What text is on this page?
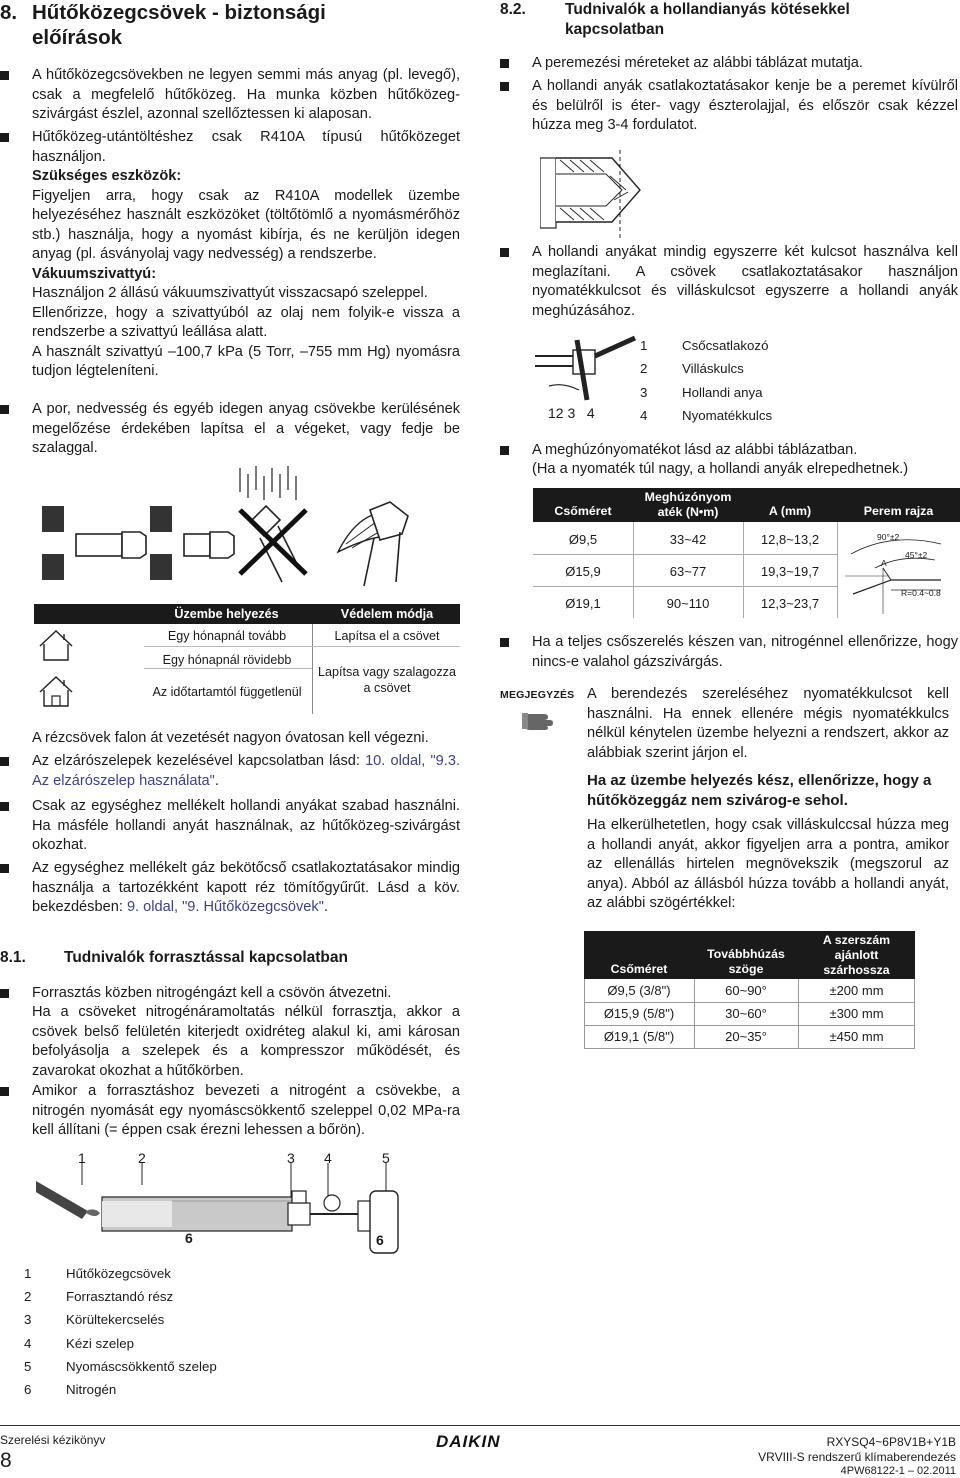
8. Hűtőközegcsövek - biztonsági
előírások
A hűtőközegcsövekben ne legyen semmi más anyag (pl. levegő), csak a megfelelő hűtőközeg. Ha munka közben hűtőközeg-szivárgást észlel, azonnal szellőztessen ki alaposan.
Hűtőközeg-utántöltéshez csak R410A típusú hűtőközeget használjon.
Szükséges eszközök:
Figyeljen arra, hogy csak az R410A modellek üzembe helyezéséhez használt eszközöket (töltőtömlő a nyomásmérőhöz stb.) használja, hogy a nyomást kibírja, és ne kerüljön idegen anyag (pl. ásványolaj vagy nedvesség) a rendszerbe.
Vákuumszivattyú:
Használjon 2 állású vákuumszivattyút visszacsapó szeleppel.
Ellenőrizze, hogy a szivattyúból az olaj nem folyik-e vissza a rendszerbe a szivattyú leállása alatt.
A használt szivattyú –100,7 kPa (5 Torr, –755 mm Hg) nyomásra tudjon légteleníteni.
A por, nedvesség és egyéb idegen anyag csövekbe kerülésének megelőzése érdekében lapítsa el a végeket, vagy fedje be szalaggal.
Üzembe helyezés	Védelem módja
Egy hónapnál tovább	Lapítsa el a csövet
Egy hónapnál rövidebb
Az időtartamtól függetlenül
Lapítsa vagy szalagozza a csövet
A rézcsövek falon át vezetését nagyon óvatosan kell végezni.
Az elzárószelepek kezelésével kapcsolatban lásd: 10. oldal, "9.3. Az elzárószelep használata".
Csak az egységhez mellékelt hollandi anyákat szabad használni. Ha másféle hollandi anyát használnak, az hűtőközeg-szivárgást okozhat.
Az egységhez mellékelt gáz bekötőcső csatlakoztatásakor mindig használja a tartozékként kapott réz tömítőgyűrűt. Lásd a köv. bekezdésben: 9. oldal, "9. Hűtőközegcsövek".
8.1. Tudnivalók forrasztással kapcsolatban
Forrasztás közben nitrogéngázt kell a csövön átvezetni.
Ha a csöveket nitrogénáramoltatás nélkül forrasztja, akkor a csövek belső felületén kiterjedt oxidréteg alakul ki, ami károsan befolyásolja a szelepek és a kompresszor működését, és zavarokat okozhat a hűtőkörben.
Amikor a forrasztáshoz bevezeti a nitrogént a csövekbe, a nitrogén nyomását egy nyomáscsökkentő szeleppel 0,02 MPa-ra kell állítani (= éppen csak érezni lehessen a bőrön).
1	2	3 4	5
6	6
1	Hűtőközegcsövek
2	Forrasztandó rész
3	Körültekercselés
4	Kézi szelep
5	Nyomáscsökkentő szelep
6	Nitrogén
8.2.	Tudnivalók a hollandianyás kötésekkel
kapcsolatban
A peremezési méreteket az alábbi táblázat mutatja.
A hollandi anyák csatlakoztatásakor kenje be a peremet kívülről és belülről is éter- vagy észterolajjal, és először csak kézzel húzza meg 3-4 fordulatot.
A hollandi anyákat mindig egyszerre két kulcsot használva kell meglazítani. A csövek csatlakoztatásakor használjon nyomatékkulcsot és villáskulcsot egyszerre a hollandi anyák meghúzásához.
12 3   4
1	Csőcsatlakozó
2	Villáskulcs
3	Hollandi anya
4	Nyomatékkulcs
A meghúzónyomatékot lásd az alábbi táblázatban.
(Ha a nyomaték túl nagy, a hollandi anyák elrepedhetnek.)
Csőméret
Meghúzónyom
aték (N•m)	A (mm)	Perem rajza
Ø9,5	33~42	12,8~13,2
Ø15,9	63~77	19,3~19,7
Ø19,1	90~110	12,3~23,7
90°±2
45°±2
A
R=0.4~0.8
Ha a teljes csőszerelés készen van, nitrogénnel ellenőrizze, hogy nincs-e valahol gázszivárgás.
MEGJEGYZÉS A berendezés szereléséhez nyomatékkulcsot kell használni. Ha ennek ellenére mégis nyomatékkulcs nélkül kénytelen üzembe helyezni a rendszert, akkor az alábbiak szerint járjon el.
Ha az üzembe helyezés kész, ellenőrizze, hogy a hűtőközeggáz nem szivárog-e sehol.
Ha elkerülhetetlen, hogy csak villáskulccsal húzza meg a hollandi anyát, akkor figyeljen arra a pontra, amikor az ellenállás hirtelen megnövekszik (megszorul az anya). Abból az állásból húzza tovább a hollandi anyát, az alábbi szögértékkel:
Csőméret
Továbbhúzás
szöge
A szerszám
ajánlott
szárhossza
Ø9,5 (3/8")	60~90°	±200 mm
Ø15,9 (5/8")	30~60°	±300 mm
Ø19,1 (5/8")	20~35°	±450 mm
Szerelési kézikönyv
8
DAIKIN	RXYSQ4~6P8V1B+Y1B
VRVIII-S rendszerű klímaberendezés
4PW68122-1 – 02.2011
